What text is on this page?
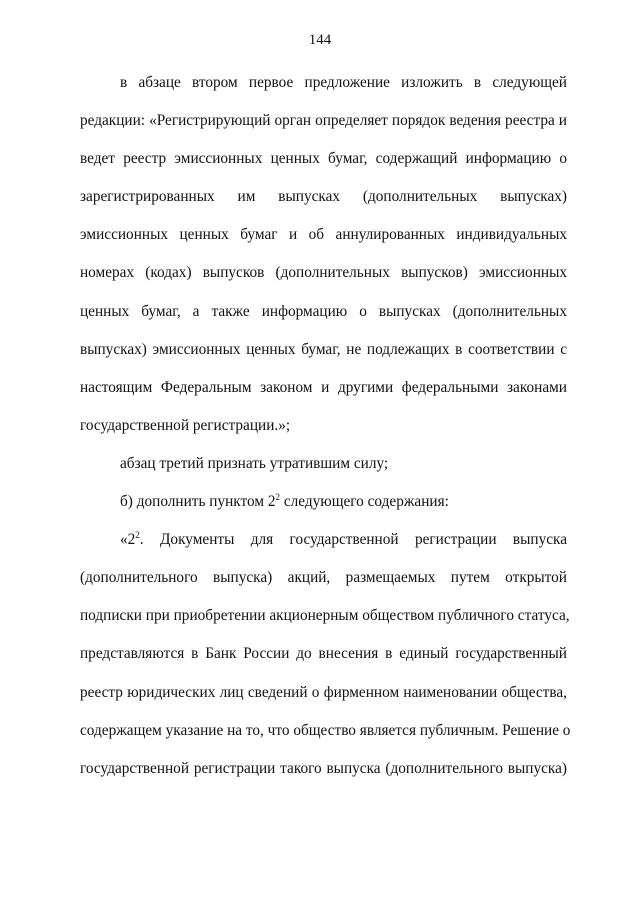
144
в абзаце втором первое предложение изложить в следующей
редакции: «Регистрирующий орган определяет порядок ведения реестра и
ведет реестр эмиссионных ценных бумаг, содержащий информацию о
зарегистрированных им выпусках (дополнительных выпусках)
эмиссионных ценных бумаг и об аннулированных индивидуальных
номерах (кодах) выпусков (дополнительных выпусков) эмиссионных
ценных бумаг, а также информацию о выпусках (дополнительных
выпусках) эмиссионных ценных бумаг, не подлежащих в соответствии с
настоящим Федеральным законом и другими федеральными законами
государственной регистрации.»;
абзац третий признать утратившим силу;
б) дополнить пунктом $2^2$ следующего содержания:
«$2^2$. Документы для государственной регистрации выпуска
(дополнительного выпуска) акций, размещаемых путем открытой
подписки при приобретении акционерным обществом публичного статуса,
представляются в Банк России до внесения в единый государственный
реестр юридических лиц сведений о фирменном наименовании общества,
содержащем указание на то, что общество является публичным. Решение о
государственной регистрации такого выпуска (дополнительного выпуска)
